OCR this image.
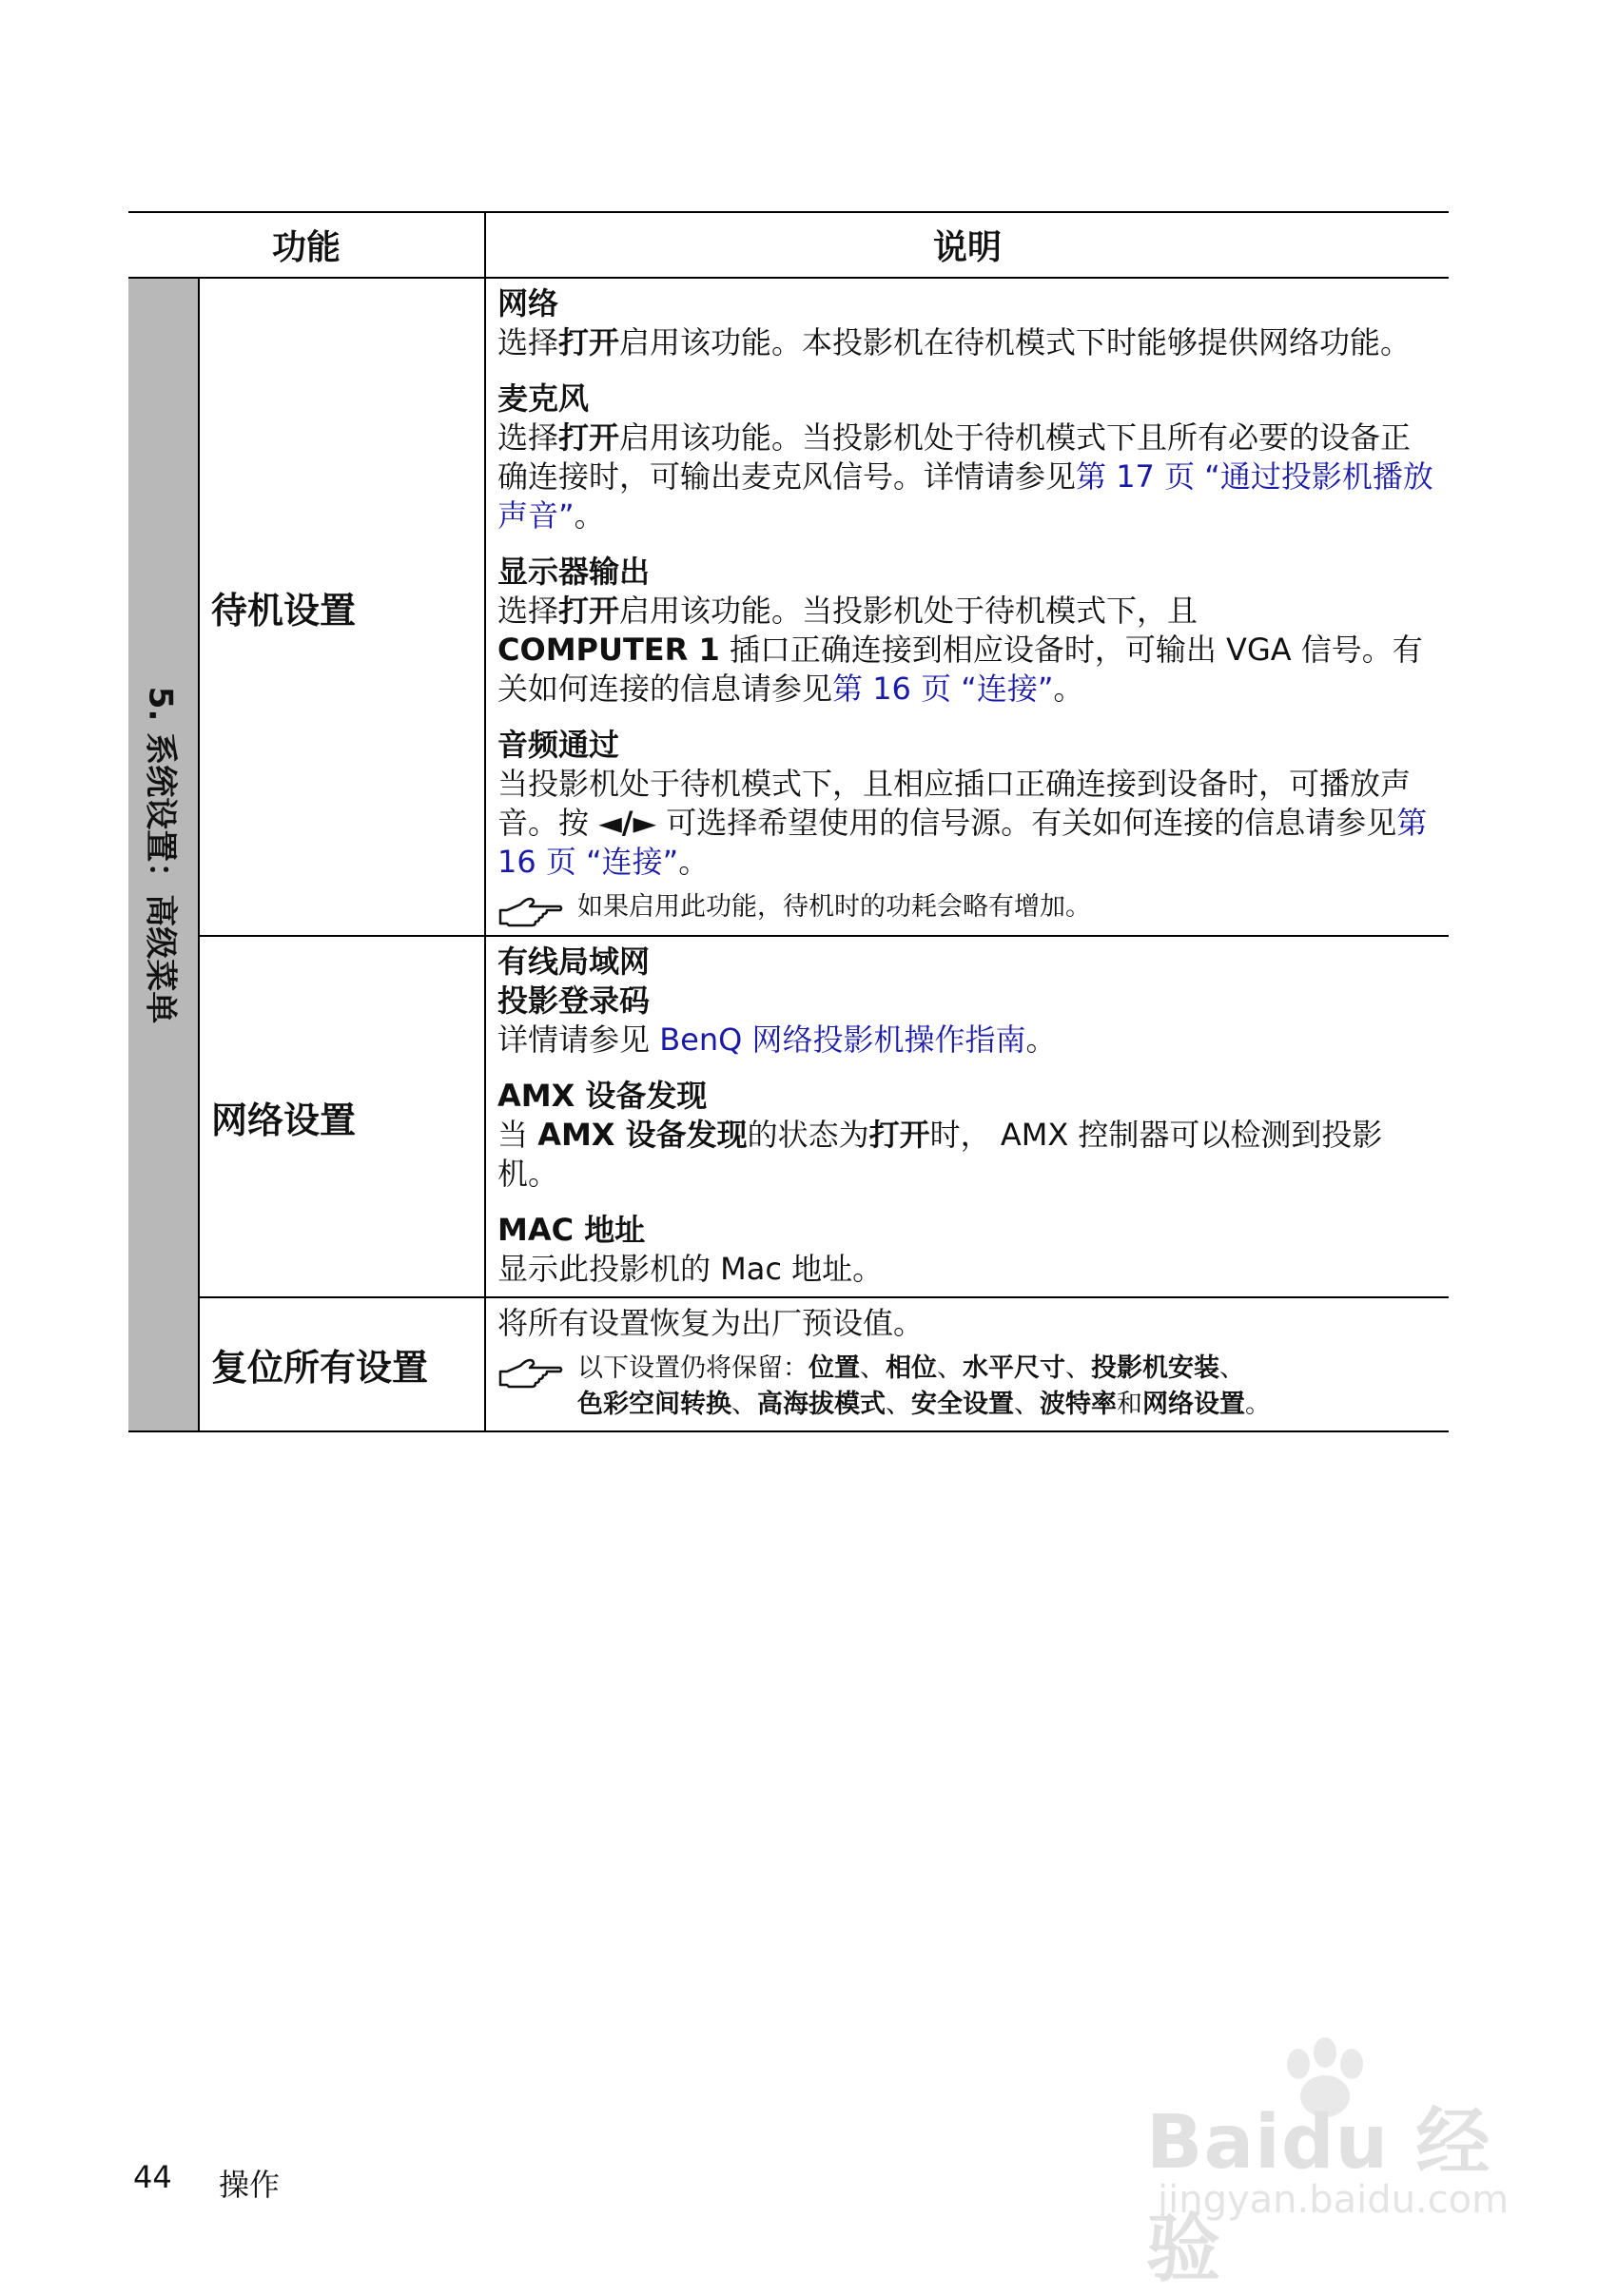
功能	说明
5. 系统设置：高级菜单
待机设置
网络
选择打开启用该功能。本投影机在待机模式下时能够提供网络功能。
麦克风
选择打开启用该功能。当投影机处于待机模式下且所有必要的设备正确连接时，可输出麦克风信号。详情请参见第 17 页 “通过投影机播放声音”。
显示器输出
选择打开启用该功能。当投影机处于待机模式下，且
COMPUTER 1 插口正确连接到相应设备时，可输出 VGA 信号。有关如何连接的信息请参见第 16 页 “连接”。
音频通过
当投影机处于待机模式下，且相应插口正确连接到设备时，可播放声音。按 ◄/► 可选择希望使用的信号源。有关如何连接的信息请参见第 16 页 “连接”。
如果启用此功能，待机时的功耗会略有增加。
网络设置
有线局域网
投影登录码
详情请参见 BenQ 网络投影机操作指南。
AMX 设备发现
当 AMX 设备发现的状态为打开时， AMX 控制器可以检测到投影机。
MAC 地址
显示此投影机的 Mac 地址。
复位所有设置
将所有设置恢复为出厂预设值。
以下设置仍将保留：位置、相位、水平尺寸、投影机安装、
色彩空间转换、高海拔模式、安全设置、波特率和网络设置。
44 操作	Baidu 经验
jingyan.baidu.com
